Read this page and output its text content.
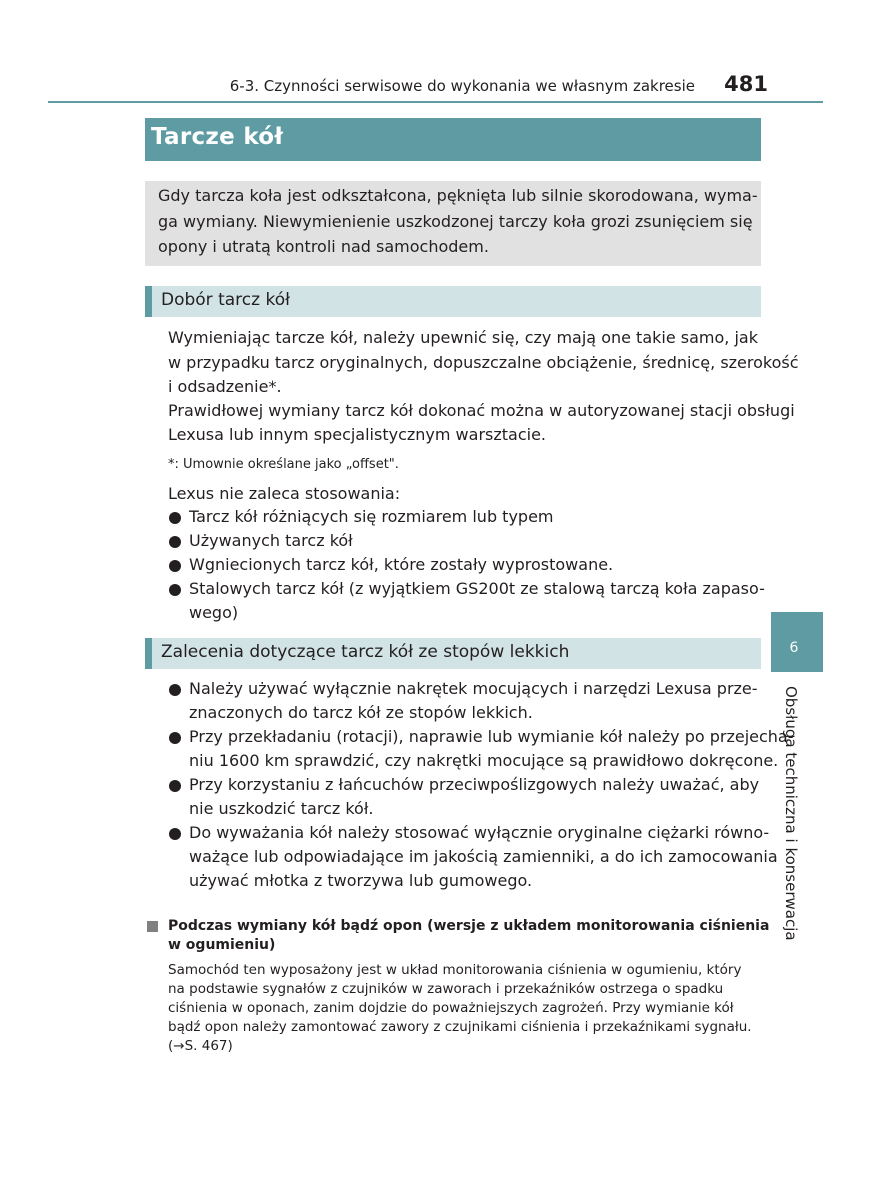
6-3. Czynności serwisowe do wykonania we własnym zakresie	481
Tarcze kół
Gdy tarcza koła jest odkształcona, pęknięta lub silnie skorodowana, wyma-
ga wymiany. Niewymienienie uszkodzonej tarczy koła grozi zsunięciem się
opony i utratą kontroli nad samochodem.
Dobór tarcz kół
Wymieniając tarcze kół, należy upewnić się, czy mają one takie samo, jak
w przypadku tarcz oryginalnych, dopuszczalne obciążenie, średnicę, szerokość
i odsadzenie*.
Prawidłowej wymiany tarcz kół dokonać można w autoryzowanej stacji obsługi
Lexusa lub innym specjalistycznym warsztacie.
*: Umownie określane jako „offset".
Lexus nie zaleca stosowania:
Tarcz kół różniących się rozmiarem lub typem
Używanych tarcz kół
Wgniecionych tarcz kół, które zostały wyprostowane.
Stalowych tarcz kół (z wyjątkiem GS200t ze stalową tarczą koła zapaso-
wego)
Zalecenia dotyczące tarcz kół ze stopów lekkich
Należy używać wyłącznie nakrętek mocujących i narzędzi Lexusa prze-
znaczonych do tarcz kół ze stopów lekkich.
Przy przekładaniu (rotacji), naprawie lub wymianie kół należy po przejecha-
niu 1600 km sprawdzić, czy nakrętki mocujące są prawidłowo dokręcone.
Przy korzystaniu z łańcuchów przeciwpoślizgowych należy uważać, aby
nie uszkodzić tarcz kół.
Do wyważania kół należy stosować wyłącznie oryginalne ciężarki równo-
ważące lub odpowiadające im jakością zamienniki, a do ich zamocowania
używać młotka z tworzywa lub gumowego.
Podczas wymiany kół bądź opon (wersje z układem monitorowania ciśnienia
w ogumieniu)
Samochód ten wyposażony jest w układ monitorowania ciśnienia w ogumieniu, który
na podstawie sygnałów z czujników w zaworach i przekaźników ostrzega o spadku
ciśnienia w oponach, zanim dojdzie do poważniejszych zagrożeń. Przy wymianie kół
bądź opon należy zamontować zawory z czujnikami ciśnienia i przekaźnikami sygnału.
(→S. 467)
6
Obsługa techniczna i konserwacja
